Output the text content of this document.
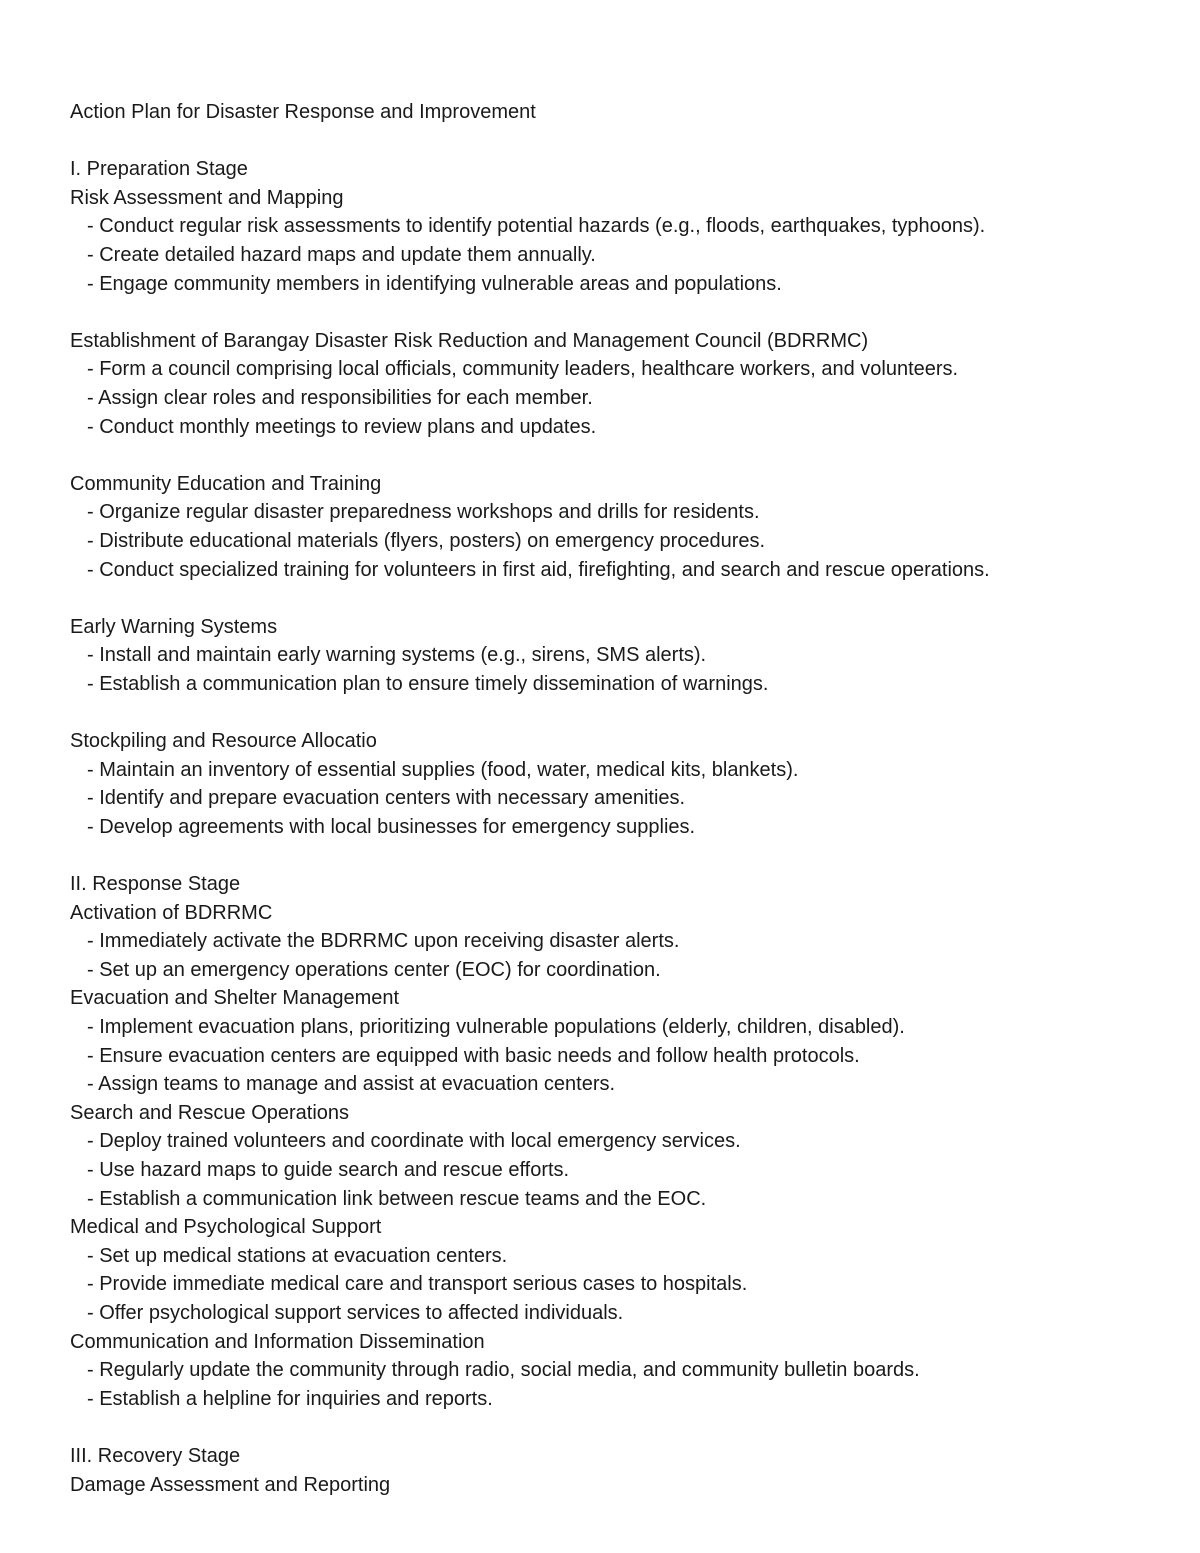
Action Plan for Disaster Response and Improvement
I. Preparation Stage
Risk Assessment and Mapping
- Conduct regular risk assessments to identify potential hazards (e.g., floods, earthquakes, typhoons).
- Create detailed hazard maps and update them annually.
- Engage community members in identifying vulnerable areas and populations.
Establishment of Barangay Disaster Risk Reduction and Management Council (BDRRMC)
- Form a council comprising local officials, community leaders, healthcare workers, and volunteers.
- Assign clear roles and responsibilities for each member.
- Conduct monthly meetings to review plans and updates.
Community Education and Training
- Organize regular disaster preparedness workshops and drills for residents.
- Distribute educational materials (flyers, posters) on emergency procedures.
- Conduct specialized training for volunteers in first aid, firefighting, and search and rescue operations.
Early Warning Systems
- Install and maintain early warning systems (e.g., sirens, SMS alerts).
- Establish a communication plan to ensure timely dissemination of warnings.
Stockpiling and Resource Allocatio
- Maintain an inventory of essential supplies (food, water, medical kits, blankets).
- Identify and prepare evacuation centers with necessary amenities.
- Develop agreements with local businesses for emergency supplies.
II. Response Stage
Activation of BDRRMC
- Immediately activate the BDRRMC upon receiving disaster alerts.
- Set up an emergency operations center (EOC) for coordination.
Evacuation and Shelter Management
- Implement evacuation plans, prioritizing vulnerable populations (elderly, children, disabled).
- Ensure evacuation centers are equipped with basic needs and follow health protocols.
- Assign teams to manage and assist at evacuation centers.
Search and Rescue Operations
- Deploy trained volunteers and coordinate with local emergency services.
- Use hazard maps to guide search and rescue efforts.
- Establish a communication link between rescue teams and the EOC.
Medical and Psychological Support
- Set up medical stations at evacuation centers.
- Provide immediate medical care and transport serious cases to hospitals.
- Offer psychological support services to affected individuals.
Communication and Information Dissemination
- Regularly update the community through radio, social media, and community bulletin boards.
- Establish a helpline for inquiries and reports.
III. Recovery Stage
Damage Assessment and Reporting
